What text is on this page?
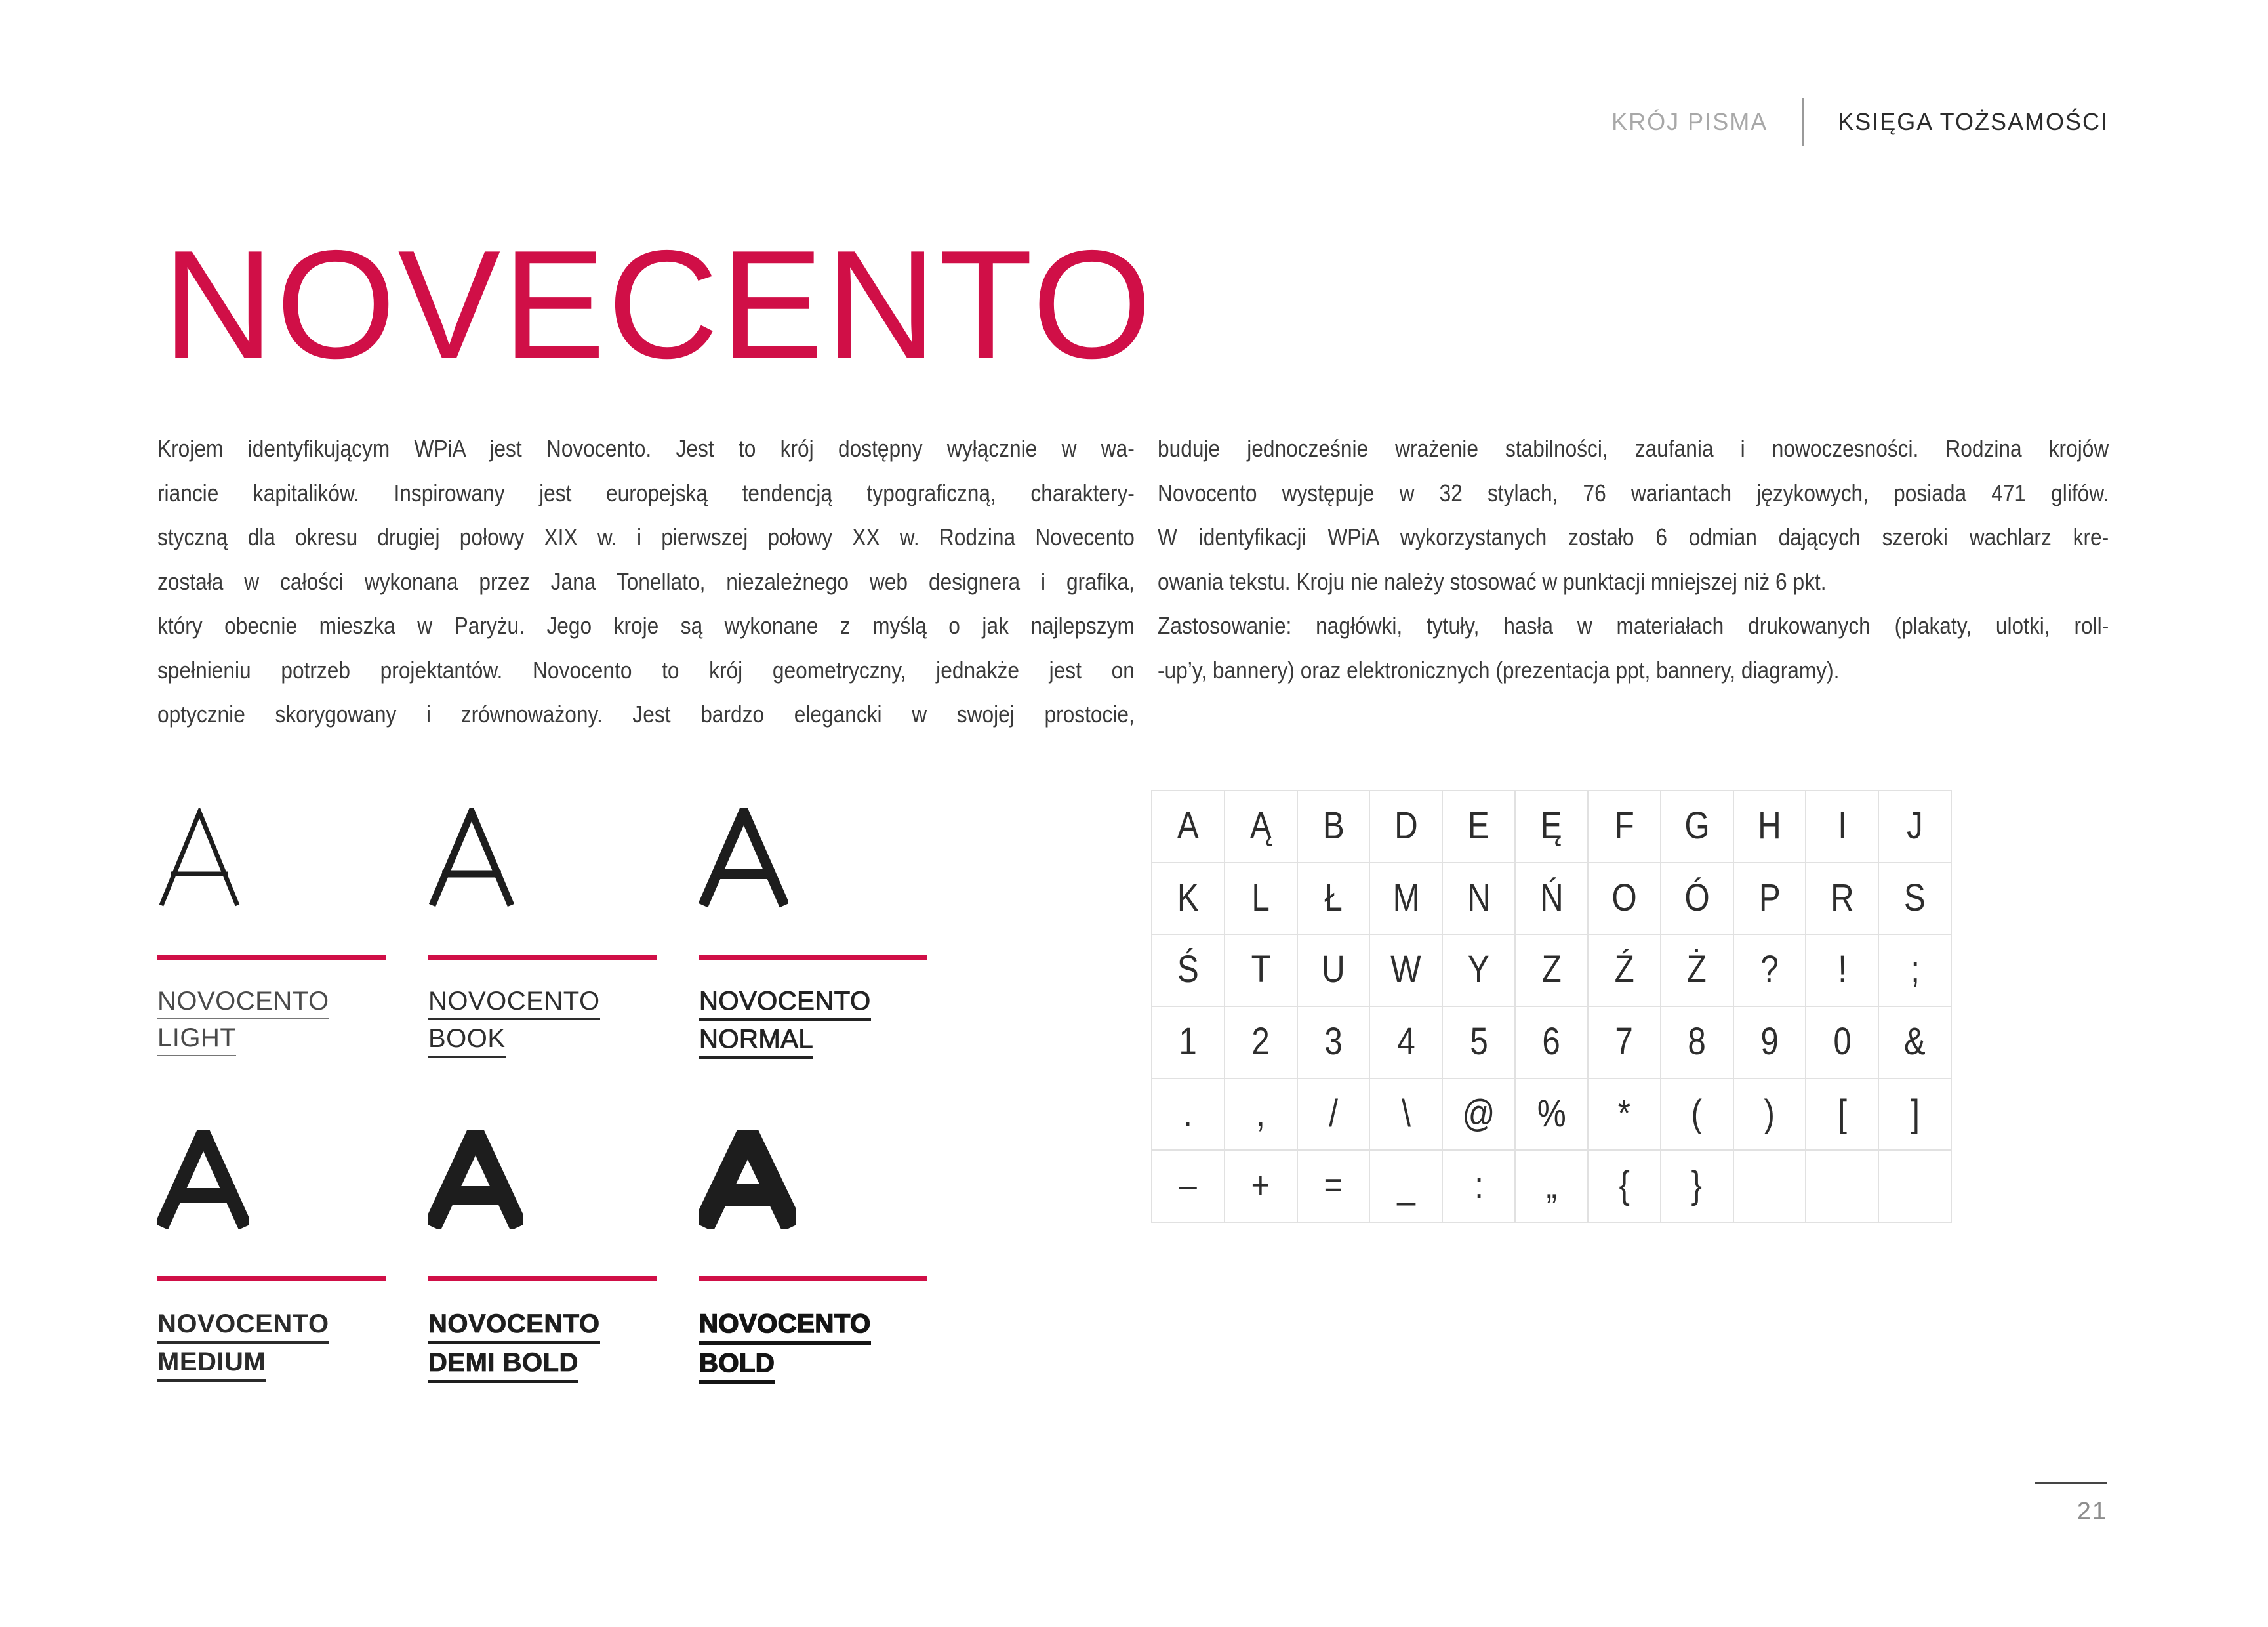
KRÓJ PISMA	KSIĘGA TOŻSAMOŚCI
NOVECENTO
Krojem identyfikującym WPiA jest Novocento. Jest to krój dostępny wyłącznie w wa-
riancie kapitalików. Inspirowany jest europejską tendencją typograficzną, charaktery-
styczną dla okresu drugiej połowy XIX w. i pierwszej połowy XX w. Rodzina Novecento
została w całości wykonana przez Jana Tonellato, niezależnego web designera i grafika,
który obecnie mieszka w Paryżu. Jego kroje są wykonane z myślą o jak najlepszym
spełnieniu potrzeb projektantów. Novocento to krój geometryczny, jednakże jest on
optycznie skorygowany i zrównoważony. Jest bardzo elegancki w swojej prostocie,
buduje jednocześnie wrażenie stabilności, zaufania i nowoczesności. Rodzina krojów
Novocento występuje w 32 stylach, 76 wariantach językowych, posiada 471 glifów.
W identyfikacji WPiA wykorzystanych zostało 6 odmian dających szeroki wachlarz kre-
owania tekstu. Kroju nie należy stosować w punktacji mniejszej niż 6 pkt.
Zastosowanie: nagłówki, tytuły, hasła w materiałach drukowanych (plakaty, ulotki, roll-
-up’y, bannery) oraz elektronicznych (prezentacja ppt, bannery, diagramy).
NOVOCENTO
LIGHT
NOVOCENTO
BOOK
NOVOCENTO
NORMAL
NOVOCENTO
MEDIUM
NOVOCENTO
DEMI BOLD
NOVOCENTO
BOLD
A	Ą	B	D	E	Ę	F	G	H	I	J
K	L	Ł	M	N	Ń	O	Ó	P	R	S
Ś	T	U	W	Y	Z	Ź	Ż	?	!	;
1	2	3	4	5	6	7	8	9	0	&
.	,	/	\	@	%	*	(	)	[	]
–	+	=	_	:	„	{	}
21
